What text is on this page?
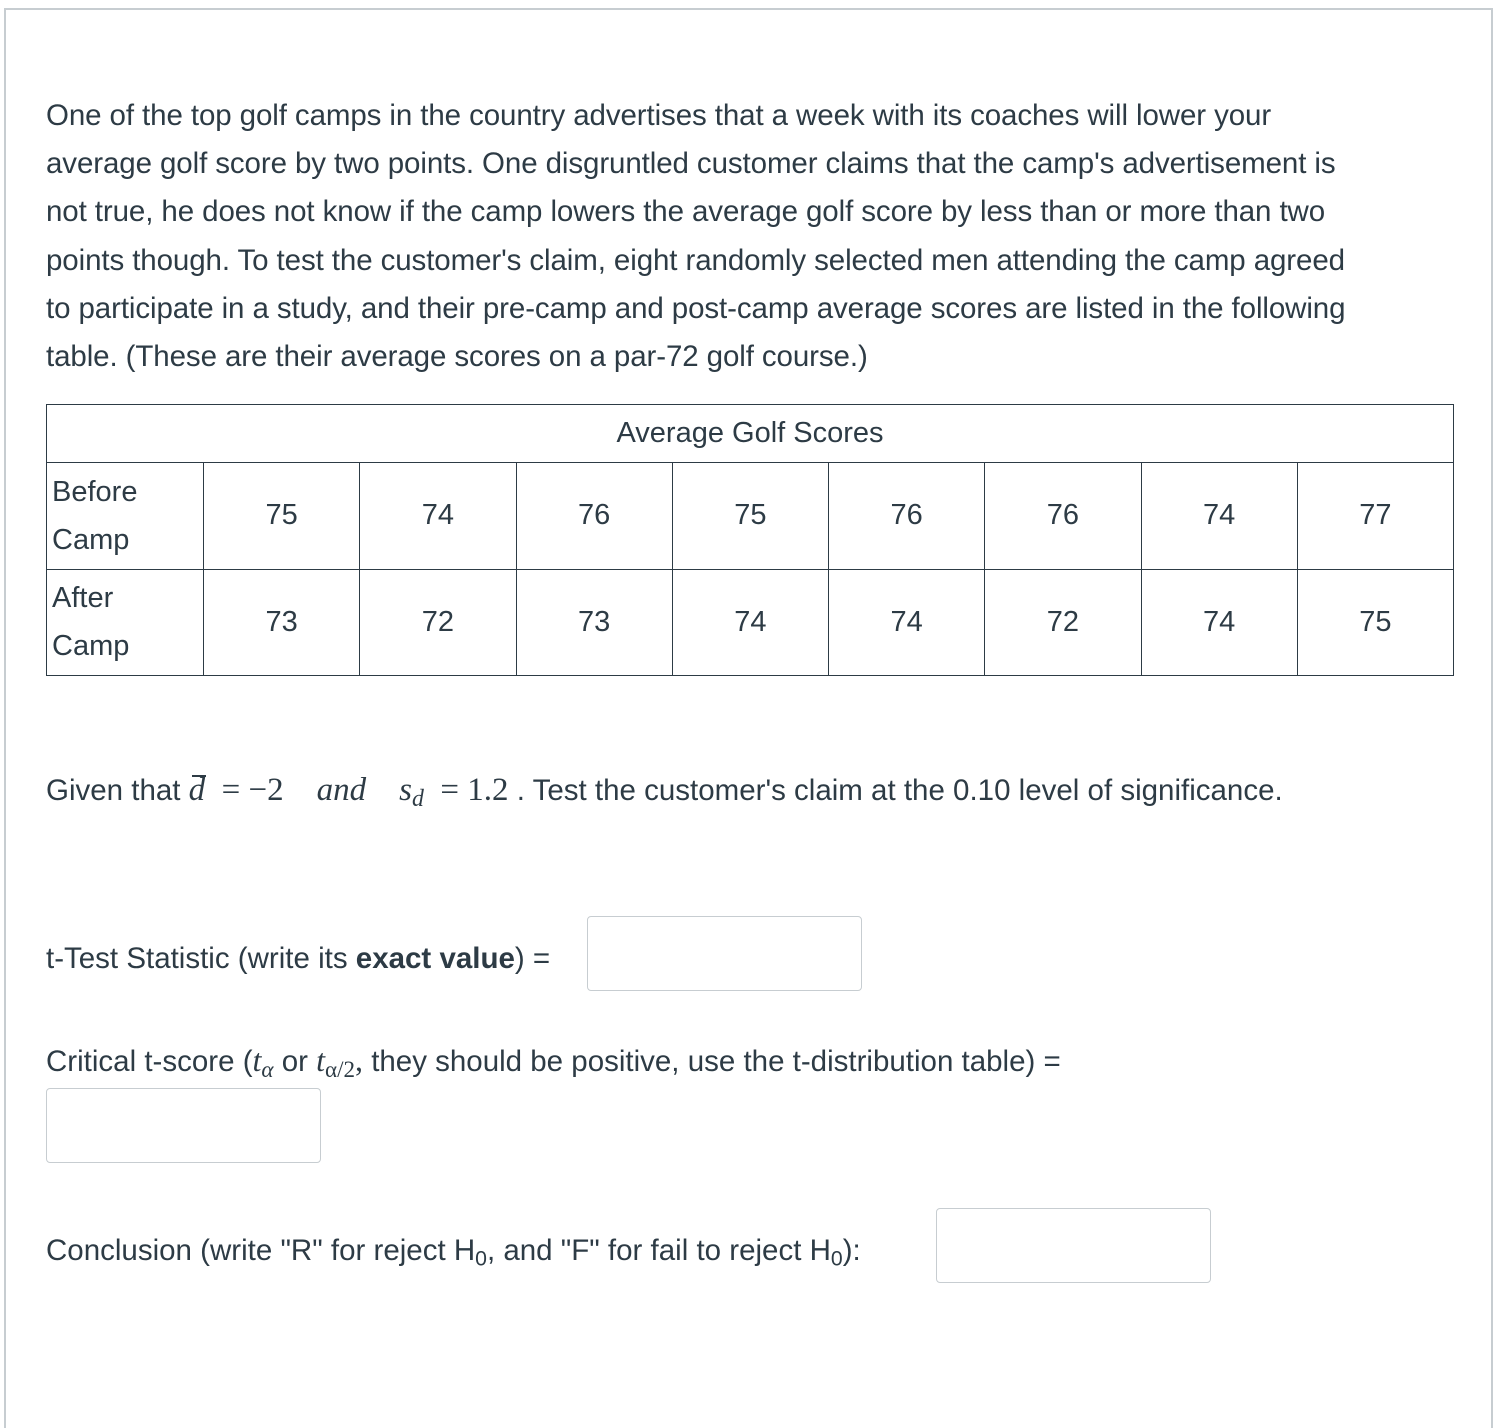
One of the top golf camps in the country advertises that a week with its coaches will lower your
average golf score by two points. One disgruntled customer claims that the camp's advertisement is
not true, he does not know if the camp lowers the average golf score by less than or more than two
points though. To test the customer's claim, eight randomly selected men attending the camp agreed
to participate in a study, and their pre-camp and post-camp average scores are listed in the following
table. (These are their average scores on a par-72 golf course.)
Average Golf Scores								
Before
Camp	75	74	76	75	76	76	74	77
After
Camp	73	72	73	74	74	72	74	75
Given that d  = −2 and $s_d = 1.2$ . Test the customer's claim at the 0.10 level of significance.
t-Test Statistic (write its exact value) =
Critical t-score ($t_\alpha$ or $t_{\alpha/2}$, they should be positive, use the t-distribution table) =
Conclusion (write "R" for reject $H_0$, and "F" for fail to reject $H_0$):
